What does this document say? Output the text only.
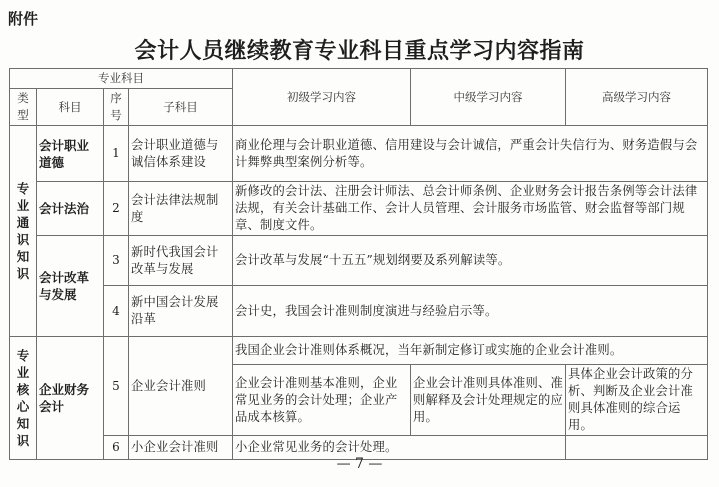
附件
会计人员继续教育专业科目重点学习内容指南
专业科目				初级学习内容	中级学习内容	高级学习内容
类型	科目	序号	子科目			
专业通识知识	会计职业道德	1	会计职业道德与诚信体系建设	商业伦理与会计职业道德、信用建设与会计诚信，严重会计失信行为、财务造假与会计舞弊典型案例分析等。		
	会计法治	2	会计法律法规制度	新修改的会计法、注册会计师法、总会计师条例、企业财务会计报告条例等会计法律法规，有关会计基础工作、会计人员管理、会计服务市场监管、财会监督等部门规章、制度文件。		
	会计改革与发展	3	新时代我国会计改革与发展	会计改革与发展“十五五”规划纲要及系列解读等。		
		4	新中国会计发展沿革	会计史，我国会计准则制度演进与经验启示等。		
专业核心知识	企业财务会计	5	企业会计准则	我国企业会计准则体系概况，当年新制定修订或实施的企业会计准则。		
				企业会计准则基本准则，企业常见业务的会计处理；企业产品成本核算。	企业会计准则具体准则、准则解释及会计处理规定的应用。	具体企业会计政策的分析、判断及企业会计准则具体准则的综合运用。
		6	小企业会计准则	小企业常见业务的会计处理。		
— 7 —
